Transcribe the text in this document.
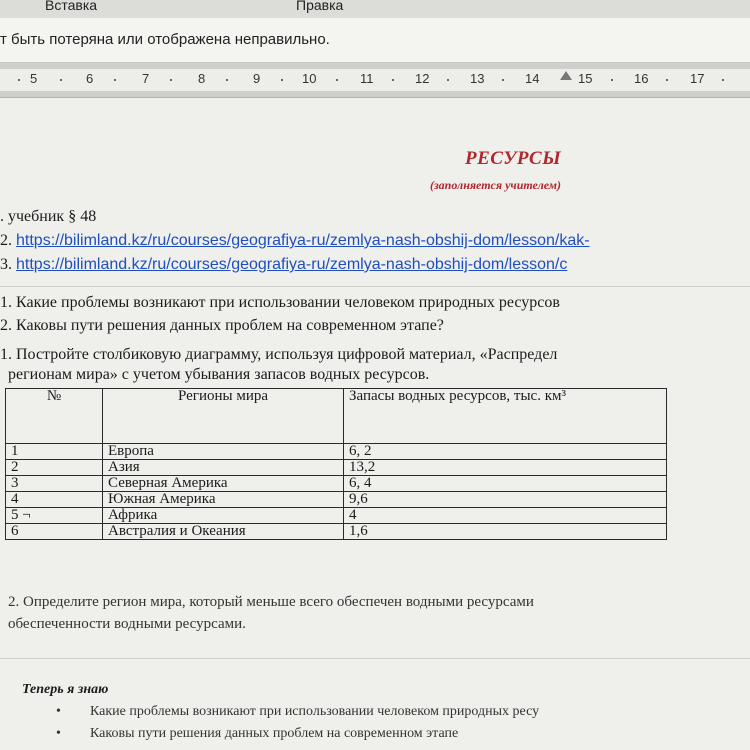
Вставка	Правка
т быть потеряна или отображена неправильно.
5	6	7	8	9	10	11	12	13	14	15	16	17
РЕСУРСЫ
(заполняется учителем)
. учебник § 48
2. https://bilimland.kz/ru/courses/geografiya-ru/zemlya-nash-obshij-dom/lesson/kak-
3. https://bilimland.kz/ru/courses/geografiya-ru/zemlya-nash-obshij-dom/lesson/c
1. Какие проблемы возникают при использовании человеком природных ресурсов
2. Каковы пути решения данных проблем на современном этапе?
1. Постройте столбиковую диаграмму, используя цифровой материал, «Распредел
регионам мира» с учетом убывания запасов водных ресурсов.
№	Регионы мира	Запасы водных ресурсов, тыс. км³
1	Европа	6, 2
2	Азия	13,2
3	Северная Америка	6, 4
4	Южная Америка	9,6
5 ¬	Африка	4
6	Австралия и Океания	1,6
2. Определите регион мира, который меньше всего обеспечен водными ресурсами
обеспеченности водными ресурсами.
Теперь я знаю
• Какие проблемы возникают при использовании человеком природных ресу
• Каковы пути решения данных проблем на современном этапе
